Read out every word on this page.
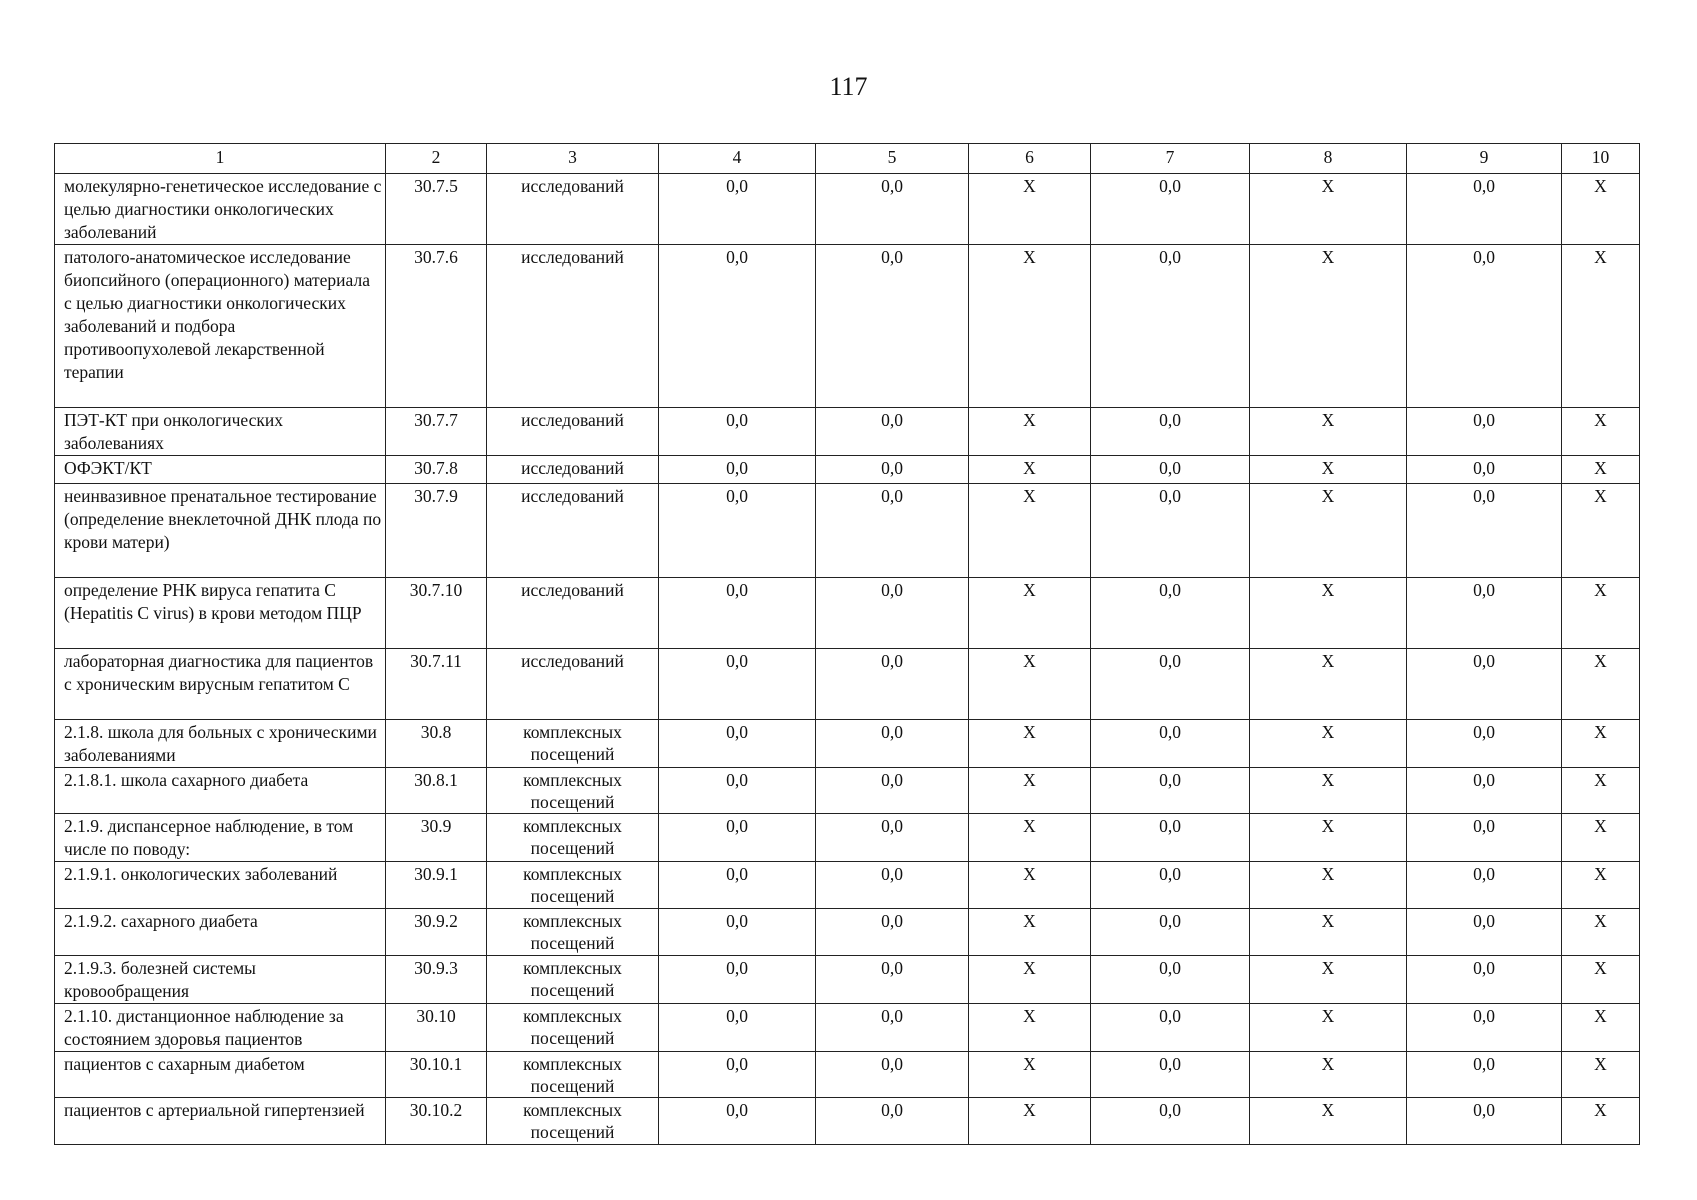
117
1	2	3	4	5	6	7	8	9	10
молекулярно-генетическое исследование с целью диагностики онкологических заболеваний	30.7.5	исследований	0,0	0,0	X	0,0	X	0,0	X
патолого-анатомическое исследование биопсийного (операционного) материала с целью диагностики онкологических заболеваний и подбора противоопухолевой лекарственной терапии	30.7.6	исследований	0,0	0,0	X	0,0	X	0,0	X
ПЭТ-КТ при онкологических заболеваниях	30.7.7	исследований	0,0	0,0	X	0,0	X	0,0	X
ОФЭКТ/КТ	30.7.8	исследований	0,0	0,0	X	0,0	X	0,0	X
неинвазивное пренатальное тестирование (определение внеклеточной ДНК плода по крови матери)	30.7.9	исследований	0,0	0,0	X	0,0	X	0,0	X
определение РНК вируса гепатита С (Hepatitis C virus) в крови методом ПЦР	30.7.10	исследований	0,0	0,0	X	0,0	X	0,0	X
лабораторная диагностика для пациентов с хроническим вирусным гепатитом С	30.7.11	исследований	0,0	0,0	X	0,0	X	0,0	X
2.1.8. школа для больных с хроническими заболеваниями	30.8	комплексных посещений	0,0	0,0	X	0,0	X	0,0	X
2.1.8.1. школа сахарного диабета	30.8.1	комплексных посещений	0,0	0,0	X	0,0	X	0,0	X
2.1.9. диспансерное наблюдение, в том числе по поводу:	30.9	комплексных посещений	0,0	0,0	X	0,0	X	0,0	X
2.1.9.1. онкологических заболеваний	30.9.1	комплексных посещений	0,0	0,0	X	0,0	X	0,0	X
2.1.9.2. сахарного диабета	30.9.2	комплексных посещений	0,0	0,0	X	0,0	X	0,0	X
2.1.9.3. болезней системы кровообращения	30.9.3	комплексных посещений	0,0	0,0	X	0,0	X	0,0	X
2.1.10. дистанционное наблюдение за состоянием здоровья пациентов	30.10	комплексных посещений	0,0	0,0	X	0,0	X	0,0	X
пациентов с сахарным диабетом	30.10.1	комплексных посещений	0,0	0,0	X	0,0	X	0,0	X
пациентов с артериальной гипертензией	30.10.2	комплексных посещений	0,0	0,0	X	0,0	X	0,0	X
